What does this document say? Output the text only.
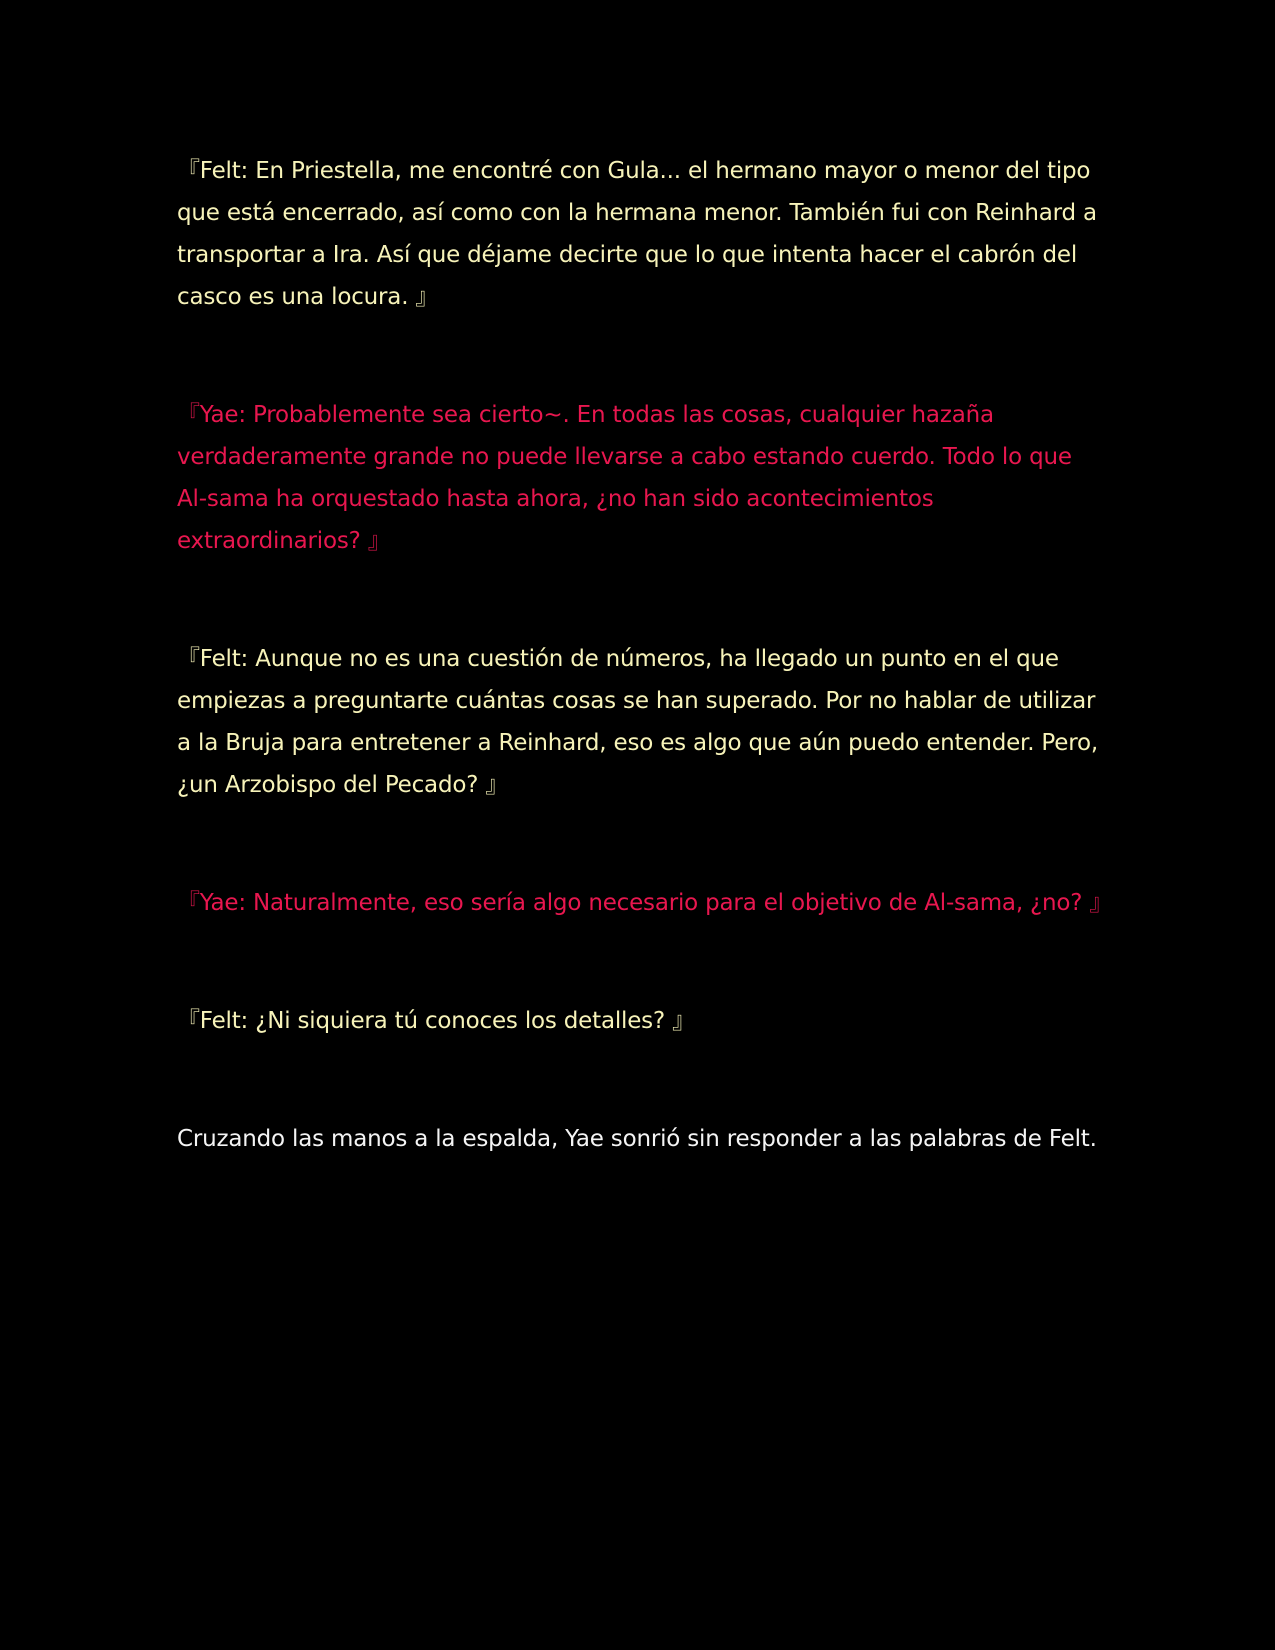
『Felt: En Priestella, me encontré con Gula... el hermano mayor o menor del tipo que está encerrado, así como con la hermana menor. También fui con Reinhard a transportar a Ira. Así que déjame decirte que lo que intenta hacer el cabrón del casco es una locura. 』

『Yae: Probablemente sea cierto~. En todas las cosas, cualquier hazaña verdaderamente grande no puede llevarse a cabo estando cuerdo. Todo lo que Al-sama ha orquestado hasta ahora, ¿no han sido acontecimientos extraordinarios? 』

『Felt: Aunque no es una cuestión de números, ha llegado un punto en el que empiezas a preguntarte cuántas cosas se han superado. Por no hablar de utilizar a la Bruja para entretener a Reinhard, eso es algo que aún puedo entender. Pero, ¿un Arzobispo del Pecado? 』

『Yae: Naturalmente, eso sería algo necesario para el objetivo de Al-sama, ¿no? 』

『Felt: ¿Ni siquiera tú conoces los detalles? 』

Cruzando las manos a la espalda, Yae sonrió sin responder a las palabras de Felt.
